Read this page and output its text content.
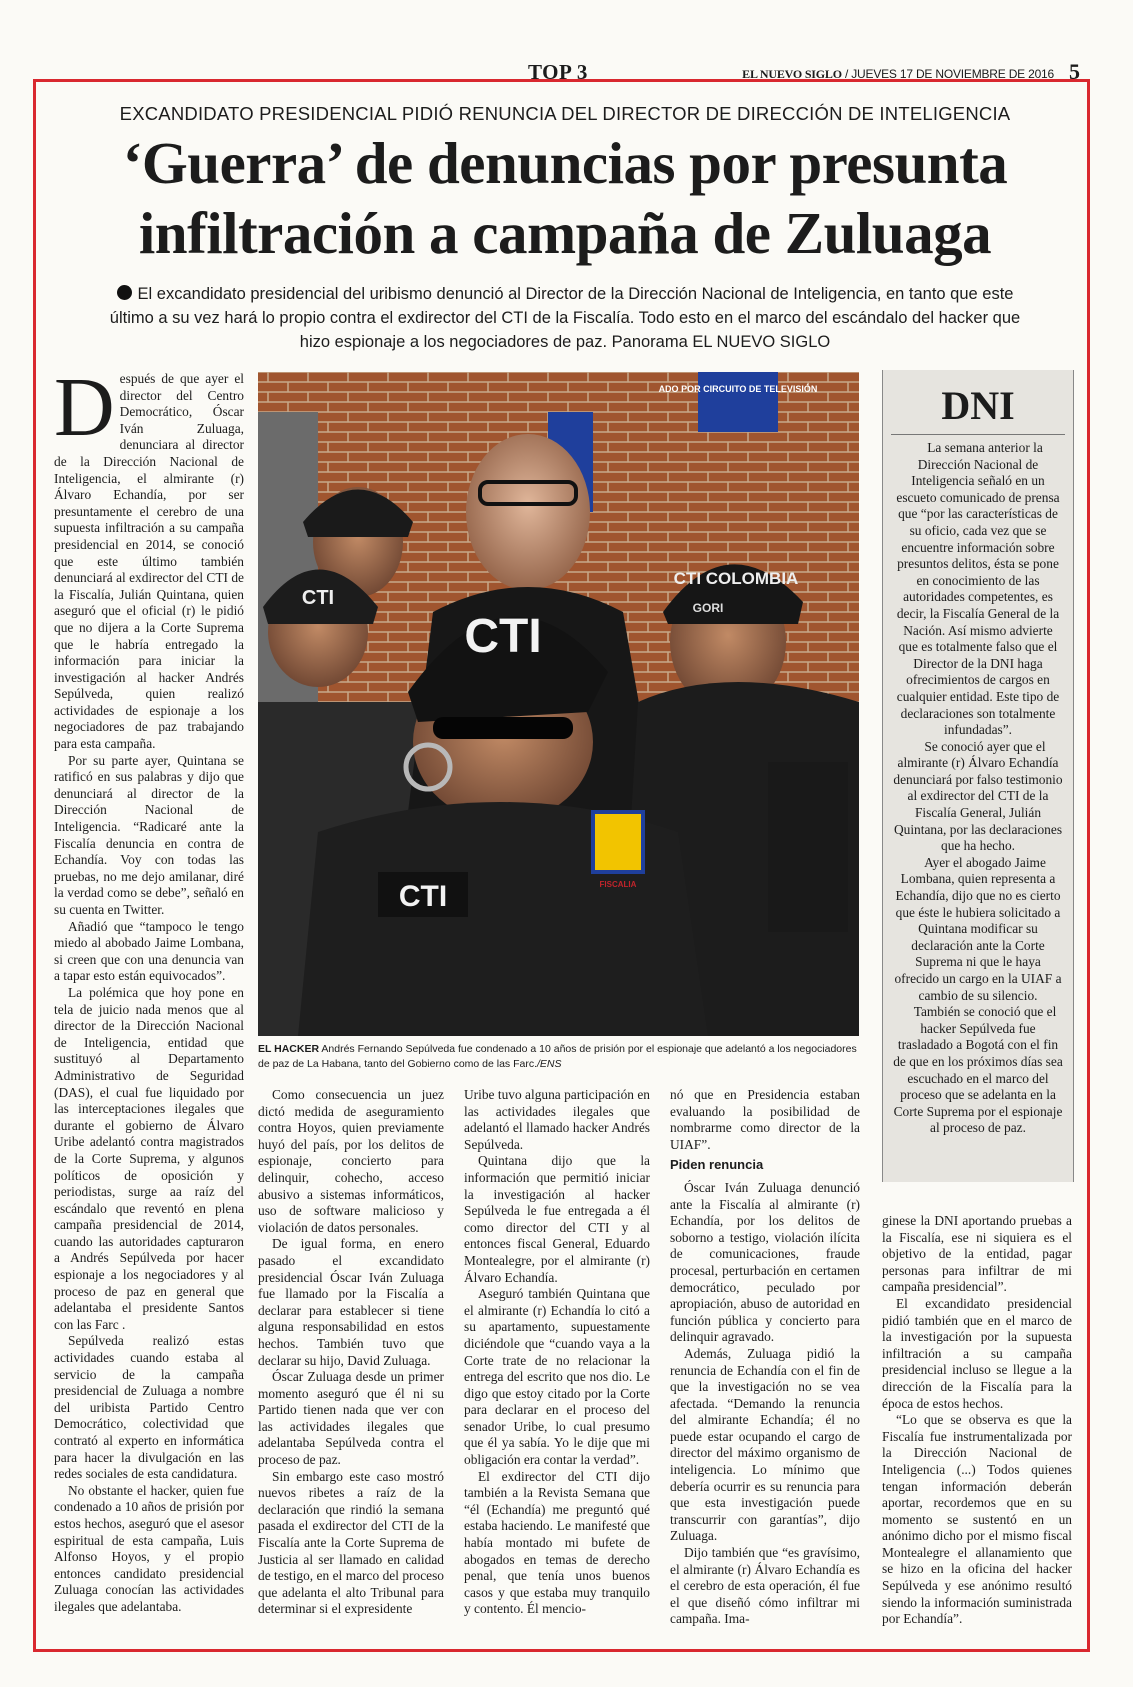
TOP 3	EL NUEVO SIGLO / JUEVES 17 DE NOVIEMBRE DE 2016 5
EXCANDIDATO PRESIDENCIAL PIDIÓ RENUNCIA DEL DIRECTOR DE DIRECCIÓN DE INTELIGENCIA
‘Guerra’ de denuncias por presunta
infiltración a campaña de Zuluaga
El excandidato presidencial del uribismo denunció al Director de la Dirección Nacional de Inteligencia, en tanto que este último a su vez hará lo propio contra el exdirector del CTI de la Fiscalía. Todo esto en el marco del escándalo del hacker que hizo espionaje a los negociadores de paz. Panorama EL NUEVO SIGLO

Después de que ayer el director del Centro Democrático, Óscar Iván Zuluaga, denunciara al director de la Dirección Nacional de Inteligencia, el almirante (r) Álvaro Echandía, por ser presuntamente el cerebro de una supuesta infiltración a su campaña presidencial en 2014, se conoció que este último también denunciará al exdirector del CTI de la Fiscalía, Julián Quintana, quien aseguró que el oficial (r) le pidió que no dijera a la Corte Suprema que le habría entregado la información para iniciar la investigación al hacker Andrés Sepúlveda, quien realizó actividades de espionaje a los negociadores de paz trabajando para esta campaña.

Por su parte ayer, Quintana se ratificó en sus palabras y dijo que denunciará al director de la Dirección Nacional de Inteligencia. “Radicaré ante la Fiscalía denuncia en contra de Echandía. Voy con todas las pruebas, no me dejo amilanar, diré la verdad como se debe”, señaló en su cuenta en Twitter.

Añadió que “tampoco le tengo miedo al abobado Jaime Lombana, si creen que con una denuncia van a tapar esto están equivocados”.

La polémica que hoy pone en tela de juicio nada menos que al director de la Dirección Nacional de Inteligencia, entidad que sustituyó al Departamento Administrativo de Seguridad (DAS), el cual fue liquidado por las interceptaciones ilegales que durante el gobierno de Álvaro Uribe adelantó contra magistrados de la Corte Suprema, y algunos políticos de oposición y periodistas, surge aa raíz del escándalo que reventó en plena campaña presidencial de 2014, cuando las autoridades capturaron a Andrés Sepúlveda por hacer espionaje a los negociadores y al proceso de paz en general que adelantaba el presidente Santos con las Farc .

Sepúlveda realizó estas actividades cuando estaba al servicio de la campaña presidencial de Zuluaga a nombre del uribista Partido Centro Democrático, colectividad que contrató al experto en informática para hacer la divulgación en las redes sociales de esta candidatura.

No obstante el hacker, quien fue condenado a 10 años de prisión por estos hechos, aseguró que el asesor espiritual de esta campaña, Luis Alfonso Hoyos, y el propio entonces candidato presidencial Zuluaga conocían las actividades ilegales que adelantaba.

ADO POR CIRCUITO DE TELEVISIÓN
CTI
CTI COLOMBIA
GORI
CTI
CTI	FISCALIA
EL HACKER Andrés Fernando Sepúlveda fue condenado a 10 años de prisión por el espionaje que adelantó a los negociadores de paz de La Habana, tanto del Gobierno como de las Farc./ENS
DNI

La semana anterior la Dirección Nacional de Inteligencia señaló en un escueto comunicado de prensa que “por las características de su oficio, cada vez que se encuentre información sobre presuntos delitos, ésta se pone en conocimiento de las autoridades competentes, es decir, la Fiscalía General de la Nación. Así mismo advierte que es totalmente falso que el Director de la DNI haga ofrecimientos de cargos en cualquier entidad. Este tipo de declaraciones son totalmente infundadas”.

Se conoció ayer que el almirante (r) Álvaro Echandía denunciará por falso testimonio al exdirector del CTI de la Fiscalía General, Julián Quintana, por las declaraciones que ha hecho.

Ayer el abogado Jaime Lombana, quien representa a Echandía, dijo que no es cierto que éste le hubiera solicitado a Quintana modificar su declaración ante la Corte Suprema ni que le haya ofrecido un cargo en la UIAF a cambio de su silencio.

También se conoció que el hacker Sepúlveda fue trasladado a Bogotá con el fin de que en los próximos días sea escuchado en el marco del proceso que se adelanta en la Corte Suprema por el espionaje al proceso de paz.

Como consecuencia un juez dictó medida de aseguramiento contra Hoyos, quien previamente huyó del país, por los delitos de espionaje, concierto para delinquir, cohecho, acceso abusivo a sistemas informáticos, uso de software malicioso y violación de datos personales.

De igual forma, en enero pasado el excandidato presidencial Óscar Iván Zuluaga fue llamado por la Fiscalía a declarar para establecer si tiene alguna responsabilidad en estos hechos. También tuvo que declarar su hijo, David Zuluaga.

Óscar Zuluaga desde un primer momento aseguró que él ni su Partido tienen nada que ver con las actividades ilegales que adelantaba Sepúlveda contra el proceso de paz.

Sin embargo este caso mostró nuevos ribetes a raíz de la declaración que rindió la semana pasada el exdirector del CTI de la Fiscalía ante la Corte Suprema de Justicia al ser llamado en calidad de testigo, en el marco del proceso que adelanta el alto Tribunal para determinar si el expresidente

Uribe tuvo alguna participación en las actividades ilegales que adelantó el llamado hacker Andrés Sepúlveda.

Quintana dijo que la información que permitió iniciar la investigación al hacker Sepúlveda le fue entregada a él como director del CTI y al entonces fiscal General, Eduardo Montealegre, por el almirante (r) Álvaro Echandía.

Aseguró también Quintana que el almirante (r) Echandía lo citó a su apartamento, supuestamente diciéndole que “cuando vaya a la Corte trate de no relacionar la entrega del escrito que nos dio. Le digo que estoy citado por la Corte para declarar en el proceso del senador Uribe, lo cual presumo que él ya sabía. Yo le dije que mi obligación era contar la verdad”.

El exdirector del CTI dijo también a la Revista Semana que “él (Echandía) me preguntó qué estaba haciendo. Le manifesté que había montado mi bufete de abogados en temas de derecho penal, que tenía unos buenos casos y que estaba muy tranquilo y contento. Él mencio-

nó que en Presidencia estaban evaluando la posibilidad de nombrarme como director de la UIAF”.

Piden renuncia

Óscar Iván Zuluaga denunció ante la Fiscalía al almirante (r) Echandía, por los delitos de soborno a testigo, violación ilícita de comunicaciones, fraude procesal, perturbación en certamen democrático, peculado por apropiación, abuso de autoridad en función pública y concierto para delinquir agravado.

Además, Zuluaga pidió la renuncia de Echandía con el fin de que la investigación no se vea afectada. “Demando la renuncia del almirante Echandía; él no puede estar ocupando el cargo de director del máximo organismo de inteligencia. Lo mínimo que debería ocurrir es su renuncia para que esta investigación puede transcurrir con garantías”, dijo Zuluaga.

Dijo también que “es gravísimo, el almirante (r) Álvaro Echandía es el cerebro de esta operación, él fue el que diseñó cómo infiltrar mi campaña. Ima-

ginese la DNI aportando pruebas a la Fiscalía, ese ni siquiera es el objetivo de la entidad, pagar personas para infiltrar de mi campaña presidencial”.

El excandidato presidencial pidió también que en el marco de la investigación por la supuesta infiltración a su campaña presidencial incluso se llegue a la dirección de la Fiscalía para la época de estos hechos.

“Lo que se observa es que la Fiscalía fue instrumentalizada por la Dirección Nacional de Inteligencia (...) Todos quienes tengan información deberán aportar, recordemos que en su momento se sustentó en un anónimo dicho por el mismo fiscal Montealegre el allanamiento que se hizo en la oficina del hacker Sepúlveda y ese anónimo resultó siendo la información suministrada por Echandía”.
